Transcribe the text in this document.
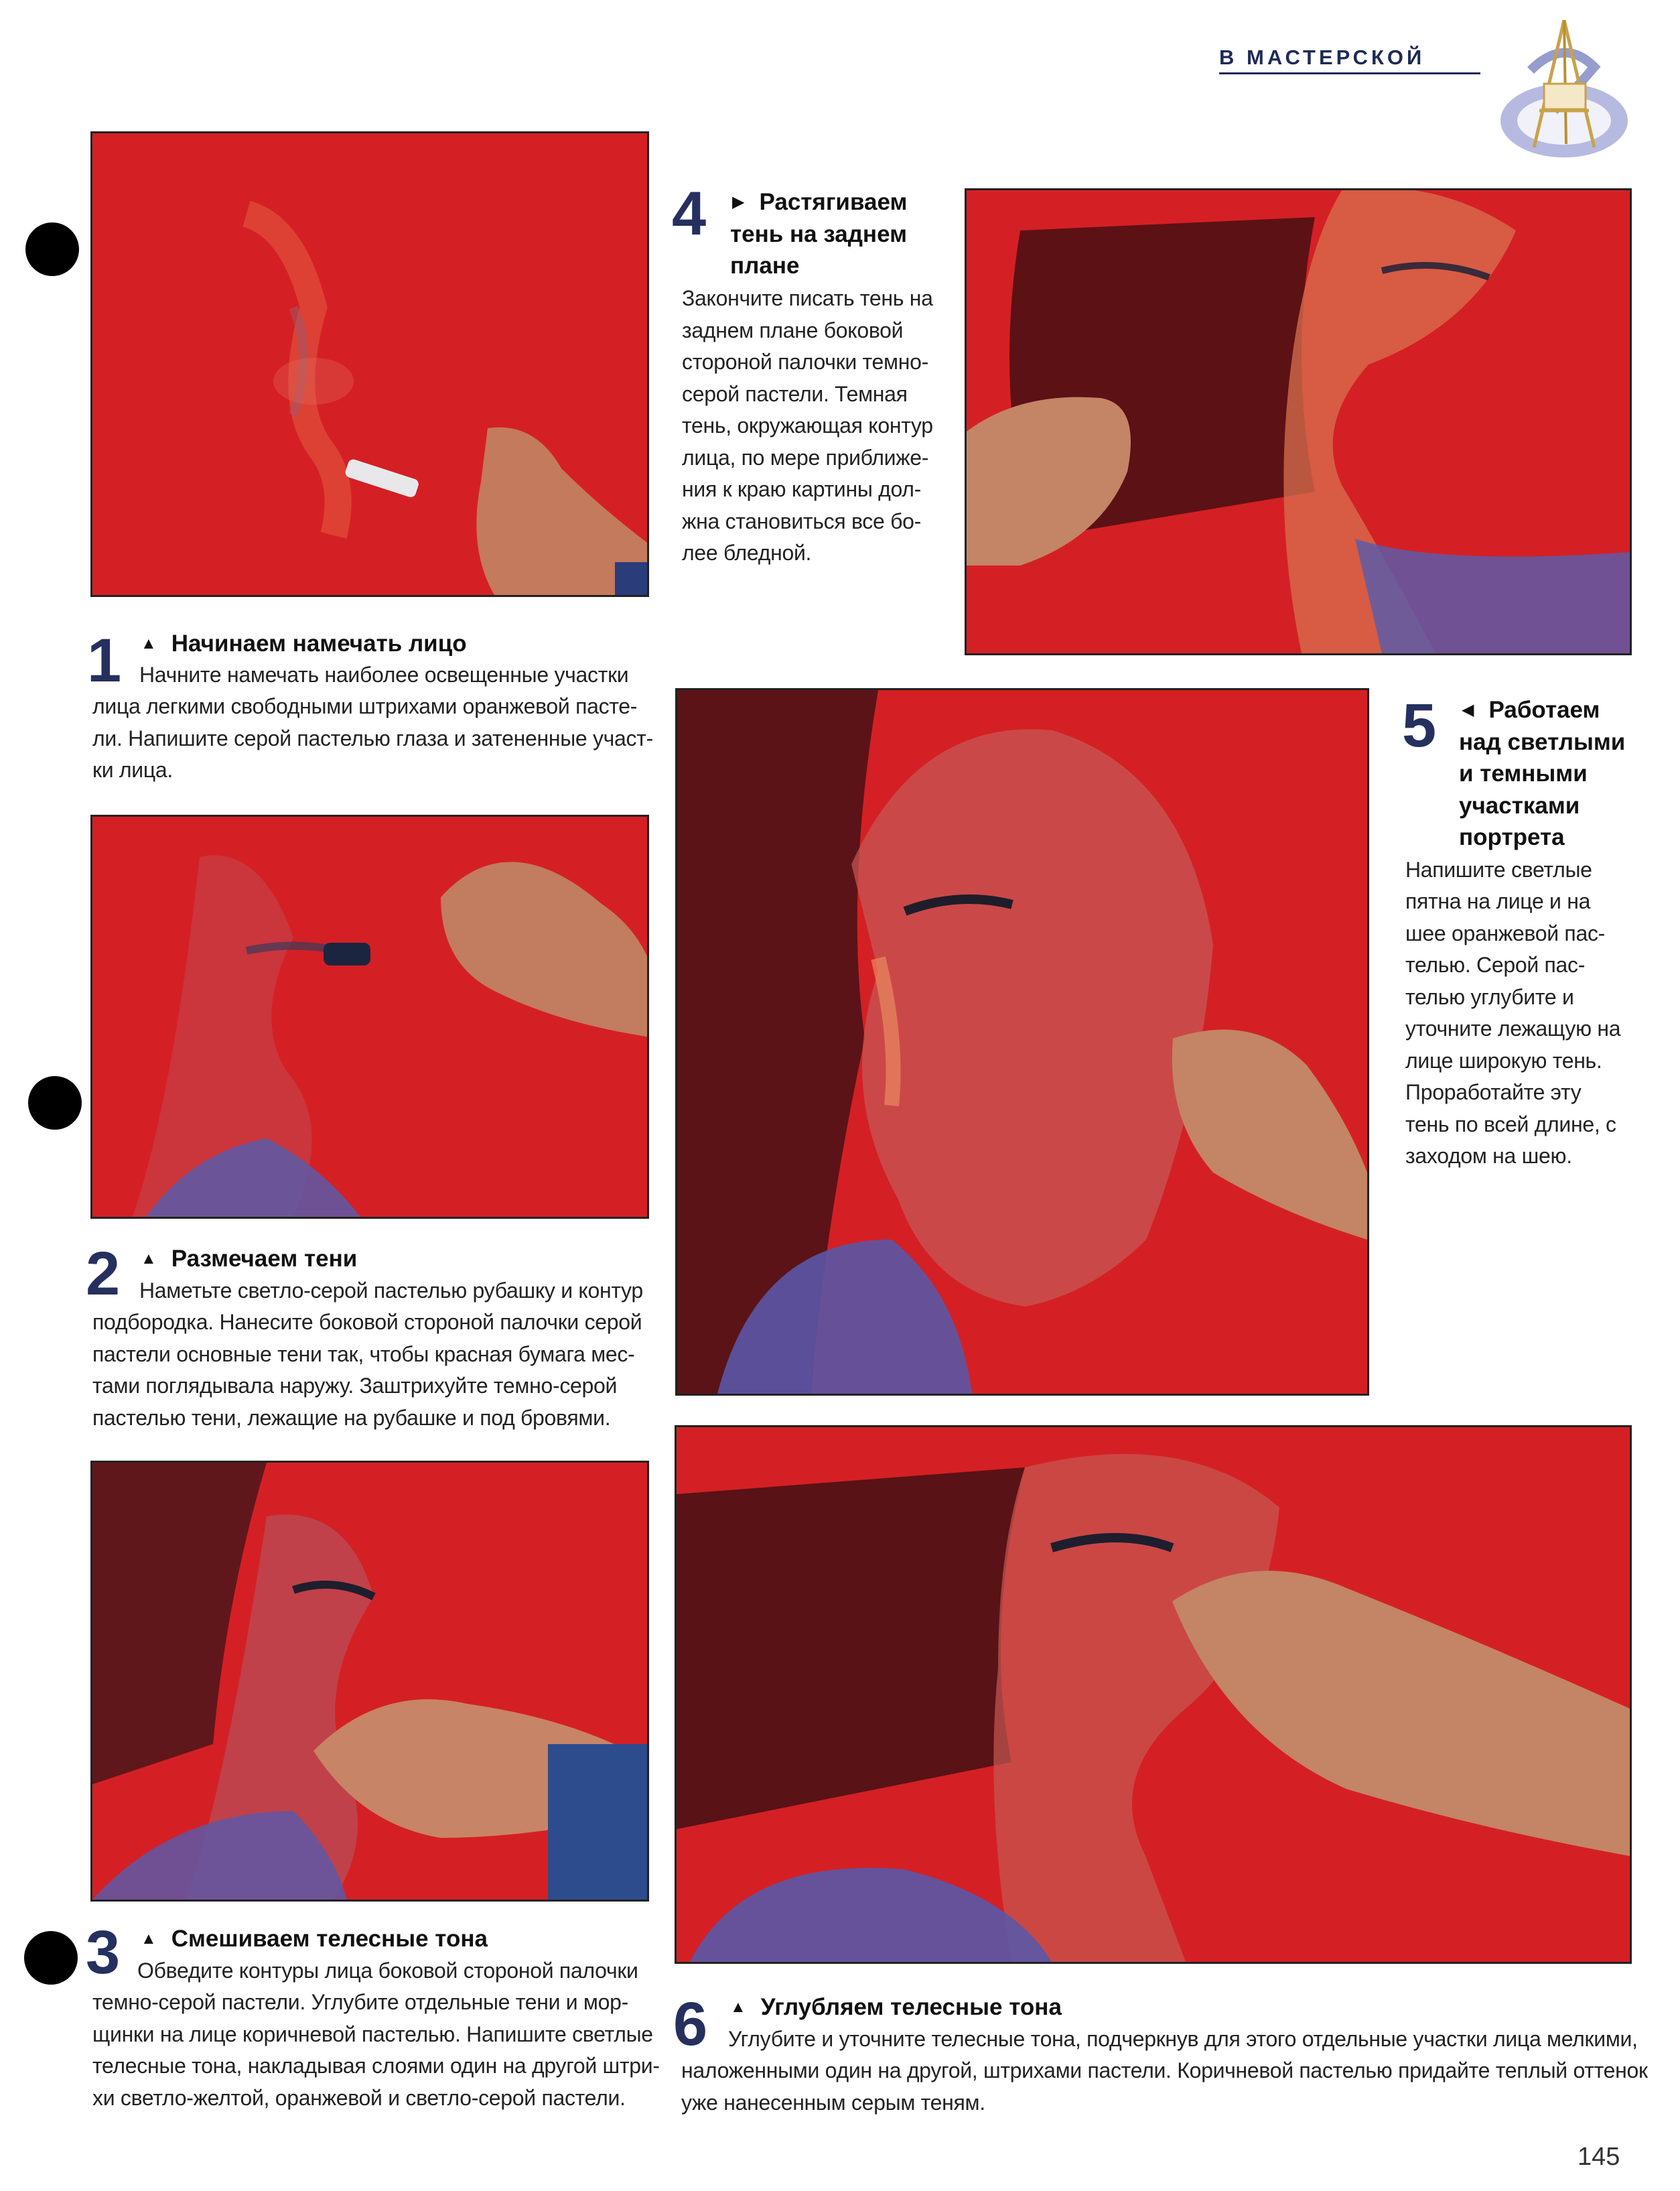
В МАСТЕРСКОЙ
1 ▲ Начинаем намечать лицо
Начните намечать наиболее освещенные участки
лица легкими свободными штрихами оранжевой пасте-
ли. Напишите серой пастелью глаза и затененные участ-
ки лица.
2 ▲ Размечаем тени
Наметьте светло-серой пастелью рубашку и контур
подбородка. Нанесите боковой стороной палочки серой
пастели основные тени так, чтобы красная бумага мес-
тами поглядывала наружу. Заштрихуйте темно-серой
пастелью тени, лежащие на рубашке и под бровями.
3 ▲ Смешиваем телесные тона
Обведите контуры лица боковой стороной палочки
темно-серой пастели. Углубите отдельные тени и мор-
щинки на лице коричневой пастелью. Напишите светлые
телесные тона, накладывая слоями один на другой штри-
хи светло-желтой, оранжевой и светло-серой пастели.
4 ▶ Растягиваем
тень на заднем
плане
Закончите писать тень на
заднем плане боковой
стороной палочки темно-
серой пастели. Темная
тень, окружающая контур
лица, по мере приближе-
ния к краю картины дол-
жна становиться все бо-
лее бледной.
5 ◀ Работаем
над светлыми
и темными
участками
портрета
Напишите светлые
пятна на лице и на
шее оранжевой пас-
телью. Серой пас-
телью углубите и
уточните лежащую на
лице широкую тень.
Проработайте эту
тень по всей длине, с
заходом на шею.
6 ▲ Углубляем телесные тона
Углубите и уточните телесные тона, подчеркнув для этого отдельные участки лица мелкими,
наложенными один на другой, штрихами пастели. Коричневой пастелью придайте теплый оттенок
уже нанесенным серым теням.
145
